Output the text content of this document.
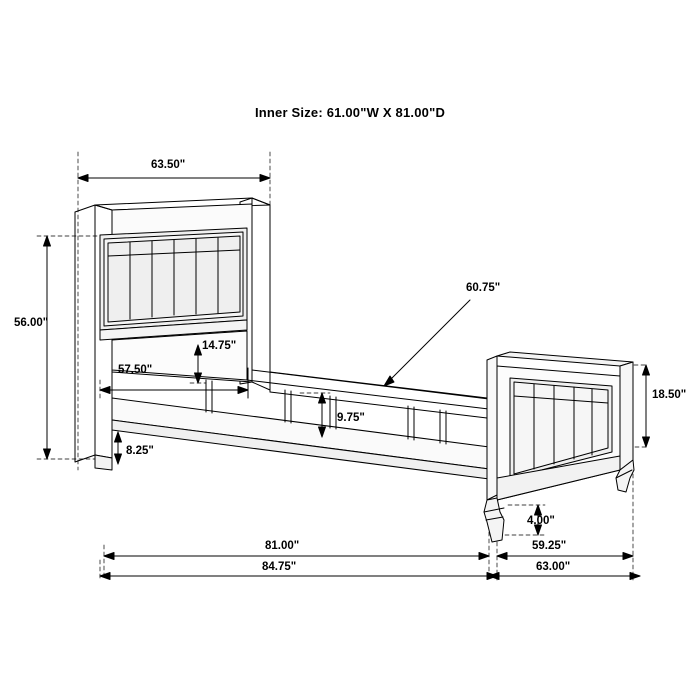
Inner Size: 61.00"W X 81.00"D
63.50"
56.00"
57.50"
14.75"
8.25"
9.75"
60.75"
18.50"
4.00"
81.00"
84.75"
59.25"
63.00"
